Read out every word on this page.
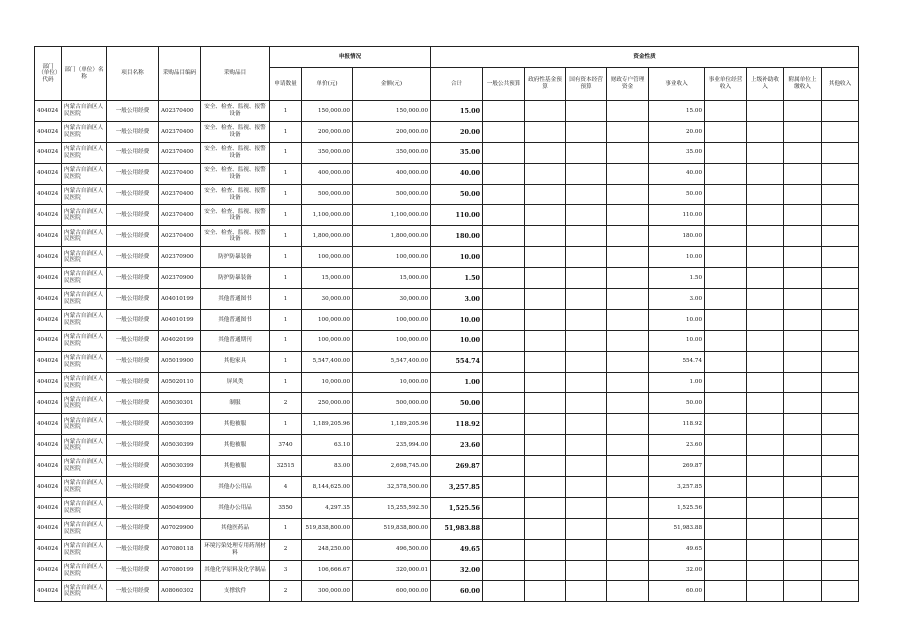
部门（单位）代码	部门（单位）名称	项目名称	采购品目编码	采购品目	申报情况			资金性质									
					申请数量	单价(元)	金额(元)	合计	一般公共预算	政府性基金预算	国有资本经营预算	财政专户管理资金	事业收入	事业单位经营收入	上级补助收入	附属单位上缴收入	其他收入
404024	内蒙古自治区人民医院	一般公用经费	A02370400	安全、检查、监视、报警设备	1	150,000.00	150,000.00	15.00					15.00				
404024	内蒙古自治区人民医院	一般公用经费	A02370400	安全、检查、监视、报警设备	1	200,000.00	200,000.00	20.00					20.00				
404024	内蒙古自治区人民医院	一般公用经费	A02370400	安全、检查、监视、报警设备	1	350,000.00	350,000.00	35.00					35.00				
404024	内蒙古自治区人民医院	一般公用经费	A02370400	安全、检查、监视、报警设备	1	400,000.00	400,000.00	40.00					40.00				
404024	内蒙古自治区人民医院	一般公用经费	A02370400	安全、检查、监视、报警设备	1	500,000.00	500,000.00	50.00					50.00				
404024	内蒙古自治区人民医院	一般公用经费	A02370400	安全、检查、监视、报警设备	1	1,100,000.00	1,100,000.00	110.00					110.00				
404024	内蒙古自治区人民医院	一般公用经费	A02370400	安全、检查、监视、报警设备	1	1,800,000.00	1,800,000.00	180.00					180.00				
404024	内蒙古自治区人民医院	一般公用经费	A02370900	防护防暴装备	1	100,000.00	100,000.00	10.00					10.00				
404024	内蒙古自治区人民医院	一般公用经费	A02370900	防护防暴装备	1	15,000.00	15,000.00	1.50					1.50				
404024	内蒙古自治区人民医院	一般公用经费	A04010199	其他普通图书	1	30,000.00	30,000.00	3.00					3.00				
404024	内蒙古自治区人民医院	一般公用经费	A04010199	其他普通图书	1	100,000.00	100,000.00	10.00					10.00				
404024	内蒙古自治区人民医院	一般公用经费	A04020199	其他普通期刊	1	100,000.00	100,000.00	10.00					10.00				
404024	内蒙古自治区人民医院	一般公用经费	A05019900	其他家具	1	5,547,400.00	5,547,400.00	554.74					554.74				
404024	内蒙古自治区人民医院	一般公用经费	A05020110	屏风类	1	10,000.00	10,000.00	1.00					1.00				
404024	内蒙古自治区人民医院	一般公用经费	A05030301	制服	2	250,000.00	500,000.00	50.00					50.00				
404024	内蒙古自治区人民医院	一般公用经费	A05030399	其他被服	1	1,189,205.96	1,189,205.96	118.92					118.92				
404024	内蒙古自治区人民医院	一般公用经费	A05030399	其他被服	3740	63.10	235,994.00	23.60					23.60				
404024	内蒙古自治区人民医院	一般公用经费	A05030399	其他被服	32515	83.00	2,698,745.00	269.87					269.87				
404024	内蒙古自治区人民医院	一般公用经费	A05049900	其他办公用品	4	8,144,625.00	32,578,500.00	3,257.85					3,257.85				
404024	内蒙古自治区人民医院	一般公用经费	A05049900	其他办公用品	3550	4,297.35	15,255,592.50	1,525.56					1,525.56				
404024	内蒙古自治区人民医院	一般公用经费	A07029900	其他医药品	1	519,838,800.00	519,838,800.00	51,983.88					51,983.88				
404024	内蒙古自治区人民医院	一般公用经费	A07080118	环境污染处理专用药剂材料	2	248,250.00	496,500.00	49.65					49.65				
404024	内蒙古自治区人民医院	一般公用经费	A07080199	其他化学原料及化学制品	3	106,666.67	320,000.01	32.00					32.00				
404024	内蒙古自治区人民医院	一般公用经费	A08060302	支撑软件	2	300,000.00	600,000.00	60.00					60.00				
